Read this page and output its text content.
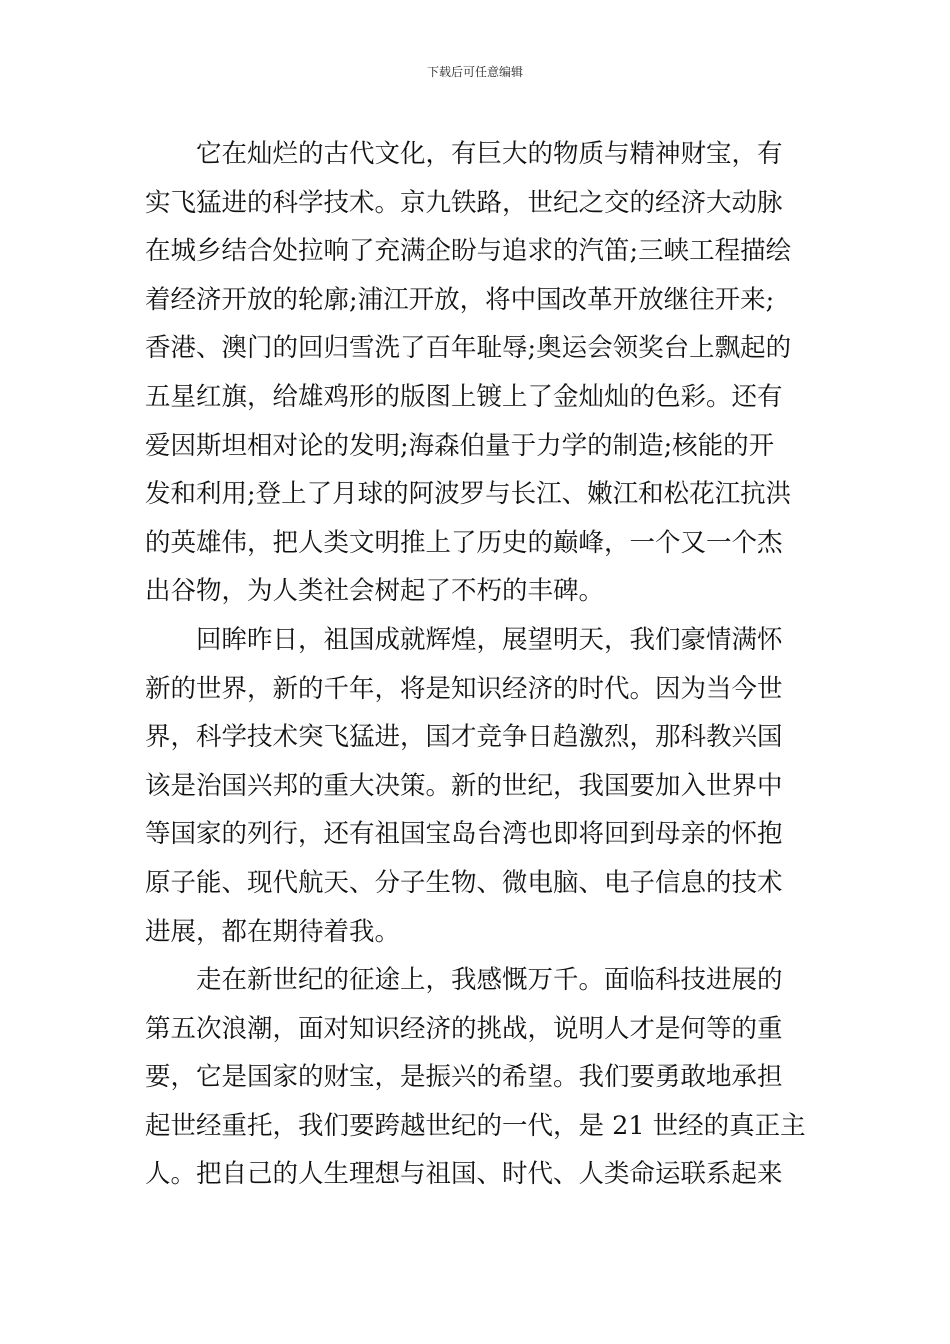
下载后可任意编辑
它在灿烂的古代文化，有巨大的物质与精神财宝，有
实飞猛进的科学技术。京九铁路，世纪之交的经济大动脉
在城乡结合处拉响了充满企盼与追求的汽笛;三峡工程描绘
着经济开放的轮廓;浦江开放，将中国改革开放继往开来;
香港、澳门的回归雪洗了百年耻辱;奥运会领奖台上飘起的
五星红旗，给雄鸡形的版图上镀上了金灿灿的色彩。还有
爱因斯坦相对论的发明;海森伯量于力学的制造;核能的开
发和利用;登上了月球的阿波罗与长江、嫩江和松花江抗洪
的英雄伟，把人类文明推上了历史的巅峰，一个又一个杰
出谷物，为人类社会树起了不朽的丰碑。
回眸昨日，祖国成就辉煌，展望明天，我们豪情满怀
新的世界，新的千年，将是知识经济的时代。因为当今世
界，科学技术突飞猛进，国才竞争日趋激烈，那科教兴国
该是治国兴邦的重大决策。新的世纪，我国要加入世界中
等国家的列行，还有祖国宝岛台湾也即将回到母亲的怀抱
原子能、现代航天、分子生物、微电脑、电子信息的技术
进展，都在期待着我。
走在新世纪的征途上，我感慨万千。面临科技进展的
第五次浪潮，面对知识经济的挑战，说明人才是何等的重
要，它是国家的财宝，是振兴的希望。我们要勇敢地承担
起世经重托，我们要跨越世纪的一代，是 21 世经的真正主
人。把自己的人生理想与祖国、时代、人类命运联系起来
